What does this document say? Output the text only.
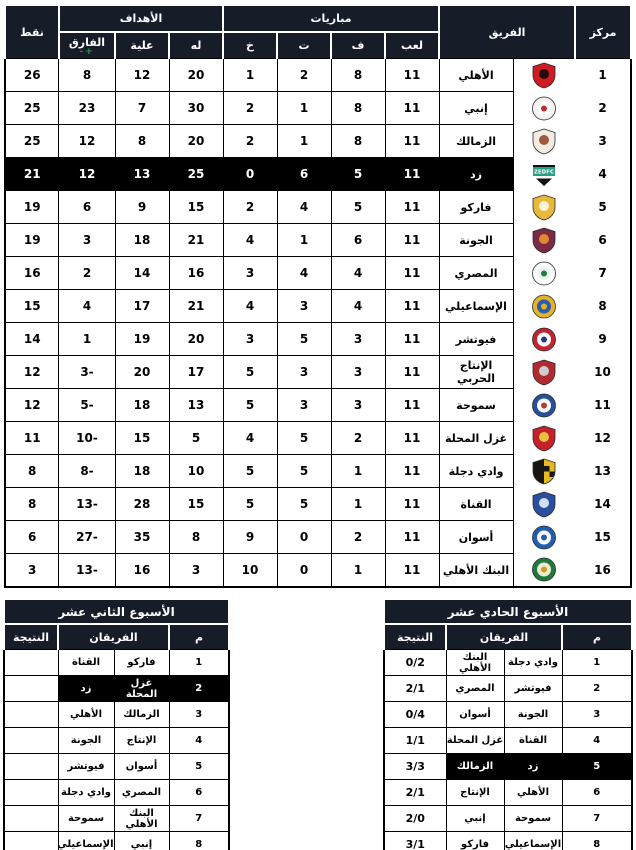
مركز	الفريق		مباريات				الأهداف			نقط
			لعب	ف	ت	خ	له	علية	الفارق
+-	

1		الأهلي	11	8	2	1	20	12	8	26
2		إنبي	11	8	1	2	30	7	23	25
3		الزمالك	11	8	1	2	20	8	12	25
4	ZEDFC	زد	11	5	6	0	25	13	12	21
5		فاركو	11	5	4	2	15	9	6	19
6		الجونة	11	6	1	4	21	18	3	19
7		المصري	11	4	4	3	16	14	2	16
8		الإسماعيلي	11	4	3	4	21	17	4	15
9		فيوتشر	11	3	5	3	20	19	1	14
10		الإنتاج الحربي	11	3	3	5	17	20	3-	12
11		سموحة	11	3	3	5	13	18	5-	12
12		غزل المحلة	11	2	5	4	5	15	10-	11
13		وادي دجلة	11	1	5	5	10	18	8-	8
14		القناة	11	1	5	5	15	28	13-	8
15		أسوان	11	2	0	9	8	35	27-	6
16		البنك الأهلي	11	1	0	10	3	16	13-	3
الأسبوع الثاني عشر			
م	الفريقان		النتيجة
1	فاركو	القناة	
2	غزل المحلة	زد	
3	الزمالك	الأهلي	
4	الإنتاج	الجونة	
5	أسوان	فيوتشر	
6	المصري	وادي دجلة	
7	البنك الأهلي	سموحة	
8	إنبي	الإسماعيلي	
الأسبوع الحادي عشر			
م	الفريقان		النتيجة
1	وادي دجلة	البنك الأهلي	0/2
2	فيوتشر	المصري	2/1
3	الجونة	أسوان	0/4
4	القناة	غزل المحلة	1/1
5	زد	الزمالك	3/3
6	الأهلي	الإنتاج	2/1
7	سموحة	إنبي	2/0
8	الإسماعيلي	فاركو	3/1
